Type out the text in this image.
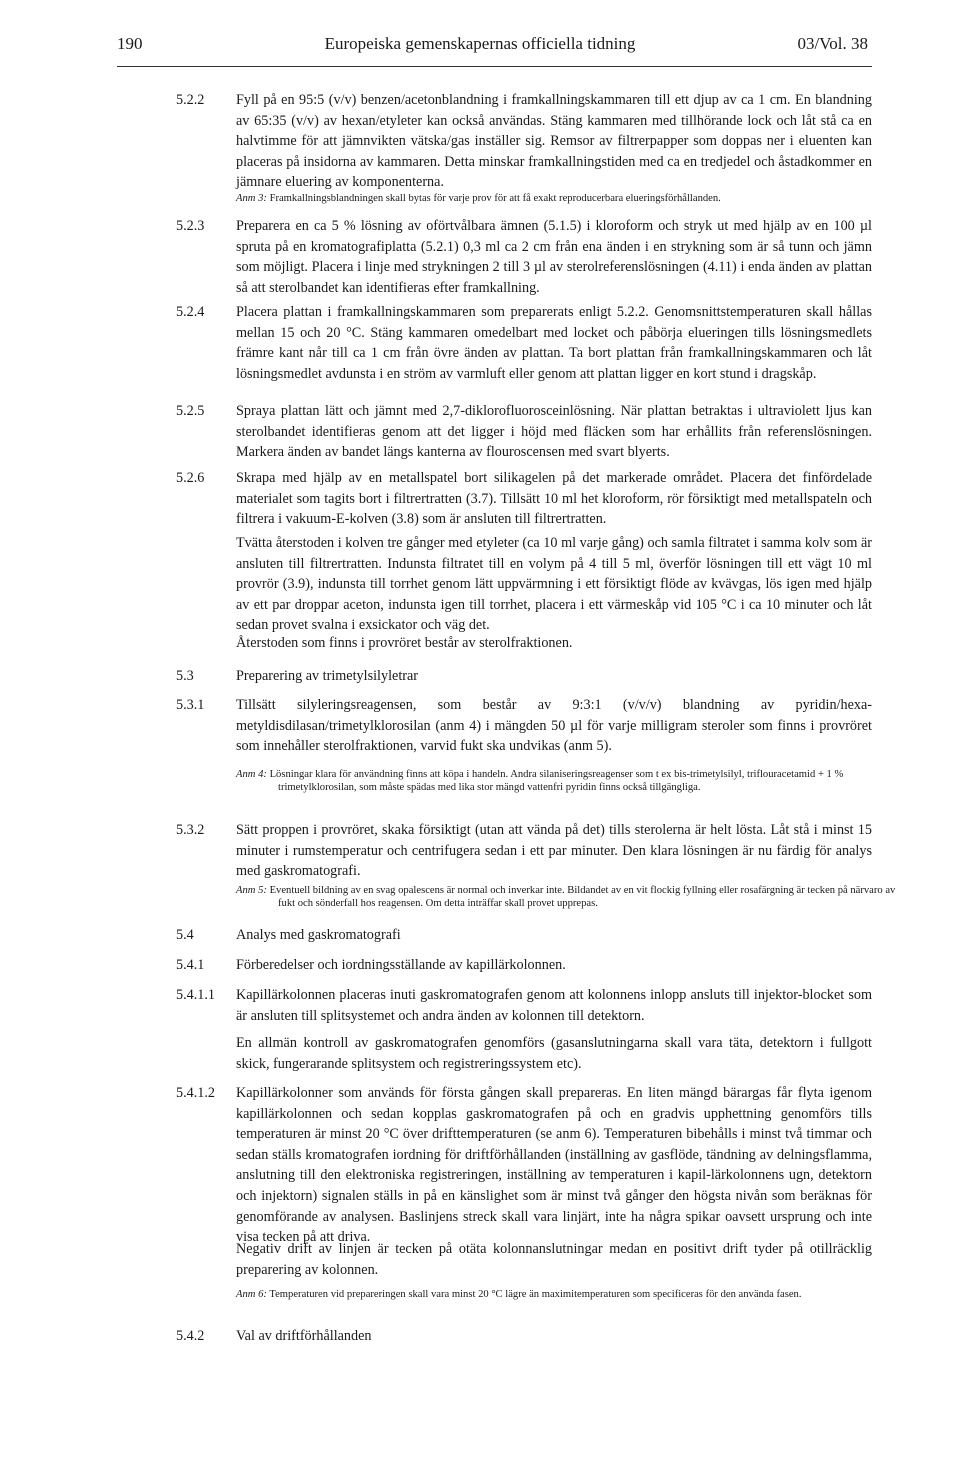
190	Europeiska gemenskapernas officiella tidning	03/Vol. 38
5.2.2 Fyll på en 95:5 (v/v) benzen/acetonblandning i framkallningskammaren till ett djup av ca 1 cm. En blandning av 65:35 (v/v) av hexan/etyleter kan också användas. Stäng kammaren med tillhörande lock och låt stå ca en halvtimme för att jämnvikten vätska/gas inställer sig. Remsor av filtrerpapper som doppas ner i eluenten kan placeras på insidorna av kammaren. Detta minskar framkallningstiden med ca en tredjedel och åstadkommer en jämnare eluering av komponenterna.
Anm 3: Framkallningsblandningen skall bytas för varje prov för att få exakt reproducerbara elueringsförhållanden.
5.2.3 Preparera en ca 5 % lösning av oförtvålbara ämnen (5.1.5) i kloroform och stryk ut med hjälp av en 100 µl spruta på en kromatografiplatta (5.2.1) 0,3 ml ca 2 cm från ena änden i en strykning som är så tunn och jämn som möjligt. Placera i linje med strykningen 2 till 3 µl av sterolreferenslösningen (4.11) i enda änden av plattan så att sterolbandet kan identifieras efter framkallning.
5.2.4 Placera plattan i framkallningskammaren som preparerats enligt 5.2.2. Genomsnittstemperaturen skall hållas mellan 15 och 20 °C. Stäng kammaren omedelbart med locket och påbörja elueringen tills lösningsmedlets främre kant når till ca 1 cm från övre änden av plattan. Ta bort plattan från framkallningskammaren och låt lösningsmedlet avdunsta i en ström av varmluft eller genom att plattan ligger en kort stund i dragskåp.
5.2.5 Spraya plattan lätt och jämnt med 2,7-diklorofluorosceinlösning. När plattan betraktas i ultraviolett ljus kan sterolbandet identifieras genom att det ligger i höjd med fläcken som har erhållits från referenslösningen. Markera änden av bandet längs kanterna av flouroscensen med svart blyerts.
5.2.6 Skrapa med hjälp av en metallspatel bort silikagelen på det markerade området. Placera det finfördelade materialet som tagits bort i filtrertratten (3.7). Tillsätt 10 ml het kloroform, rör försiktigt med metallspateln och filtrera i vakuum-E-kolven (3.8) som är ansluten till filtrertratten.
Tvätta återstoden i kolven tre gånger med etyleter (ca 10 ml varje gång) och samla filtratet i samma kolv som är ansluten till filtrertratten. Indunsta filtratet till en volym på 4 till 5 ml, överför lösningen till ett vägt 10 ml provrör (3.9), indunsta till torrhet genom lätt uppvärmning i ett försiktigt flöde av kvävgas, lös igen med hjälp av ett par droppar aceton, indunsta igen till torrhet, placera i ett värmeskåp vid 105 °C i ca 10 minuter och låt sedan provet svalna i exsickator och väg det.
Återstoden som finns i provröret består av sterolfraktionen.
5.3	Preparering av trimetylsilyletrar
5.3.1 Tillsätt silyleringsreagensen, som består av 9:3:1 (v/v/v) blandning av pyridin/hexa-metyldisdilasan/trimetylklorosilan (anm 4) i mängden 50 µl för varje milligram steroler som finns i provröret som innehåller sterolfraktionen, varvid fukt ska undvikas (anm 5).
Anm 4: Lösningar klara för användning finns att köpa i handeln. Andra silaniseringsreagenser som t ex bis-trimetylsilyl, triflouracetamid + 1 % trimetylklorosilan, som måste spädas med lika stor mängd vattenfri pyridin finns också tillgängliga.
5.3.2 Sätt proppen i provröret, skaka försiktigt (utan att vända på det) tills sterolerna är helt lösta. Låt stå i minst 15 minuter i rumstemperatur och centrifugera sedan i ett par minuter. Den klara lösningen är nu färdig för analys med gaskromatografi.
Anm 5: Eventuell bildning av en svag opalescens är normal och inverkar inte. Bildandet av en vit flockig fyllning eller rosafärgning är tecken på närvaro av fukt och sönderfall hos reagensen. Om detta inträffar skall provet upprepas.
5.4	Analys med gaskromatografi
5.4.1 Förberedelser och iordningsställande av kapillärkolonnen.
5.4.1.1 Kapillärkolonnen placeras inuti gaskromatografen genom att kolonnens inlopp ansluts till injektor-blocket som är ansluten till splitsystemet och andra änden av kolonnen till detektorn.
En allmän kontroll av gaskromatografen genomförs (gasanslutningarna skall vara täta, detektorn i fullgott skick, fungerarande splitsystem och registreringssystem etc).
5.4.1.2 Kapillärkolonner som används för första gången skall prepareras. En liten mängd bärargas får flyta igenom kapillärkolonnen och sedan kopplas gaskromatografen på och en gradvis upphettning genomförs tills temperaturen är minst 20 °C över drifttemperaturen (se anm 6). Temperaturen bibehålls i minst två timmar och sedan ställs kromatografen iordning för driftförhållanden (inställning av gasflöde, tändning av delningsflamma, anslutning till den elektroniska registreringen, inställning av temperaturen i kapil-lärkolonnens ugn, detektorn och injektorn) signalen ställs in på en känslighet som är minst två gånger den högsta nivån som beräknas för genomförande av analysen. Baslinjens streck skall vara linjärt, inte ha några spikar oavsett ursprung och inte visa tecken på att driva.
Negativ drift av linjen är tecken på otäta kolonnanslutningar medan en positivt drift tyder på otillräcklig preparering av kolonnen.
Anm 6: Temperaturen vid prepareringen skall vara minst 20 °C lägre än maximitemperaturen som specificeras för den använda fasen.
5.4.2 Val av driftförhållanden
